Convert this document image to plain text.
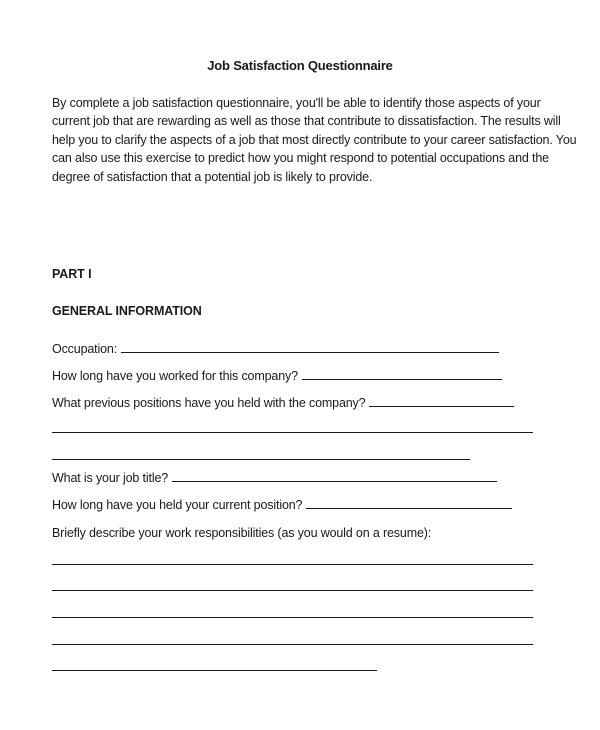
Job Satisfaction Questionnaire
By complete a job satisfaction questionnaire, you'll be able to identify those aspects of your
current job that are rewarding as well as those that contribute to dissatisfaction. The results will
help you to clarify the aspects of a job that most directly contribute to your career satisfaction. You
can also use this exercise to predict how you might respond to potential occupations and the
degree of satisfaction that a potential job is likely to provide.
PART I
GENERAL INFORMATION
Occupation:
How long have you worked for this company?
What previous positions have you held with the company?
What is your job title?
How long have you held your current position?
Briefly describe your work responsibilities (as you would on a resume):
